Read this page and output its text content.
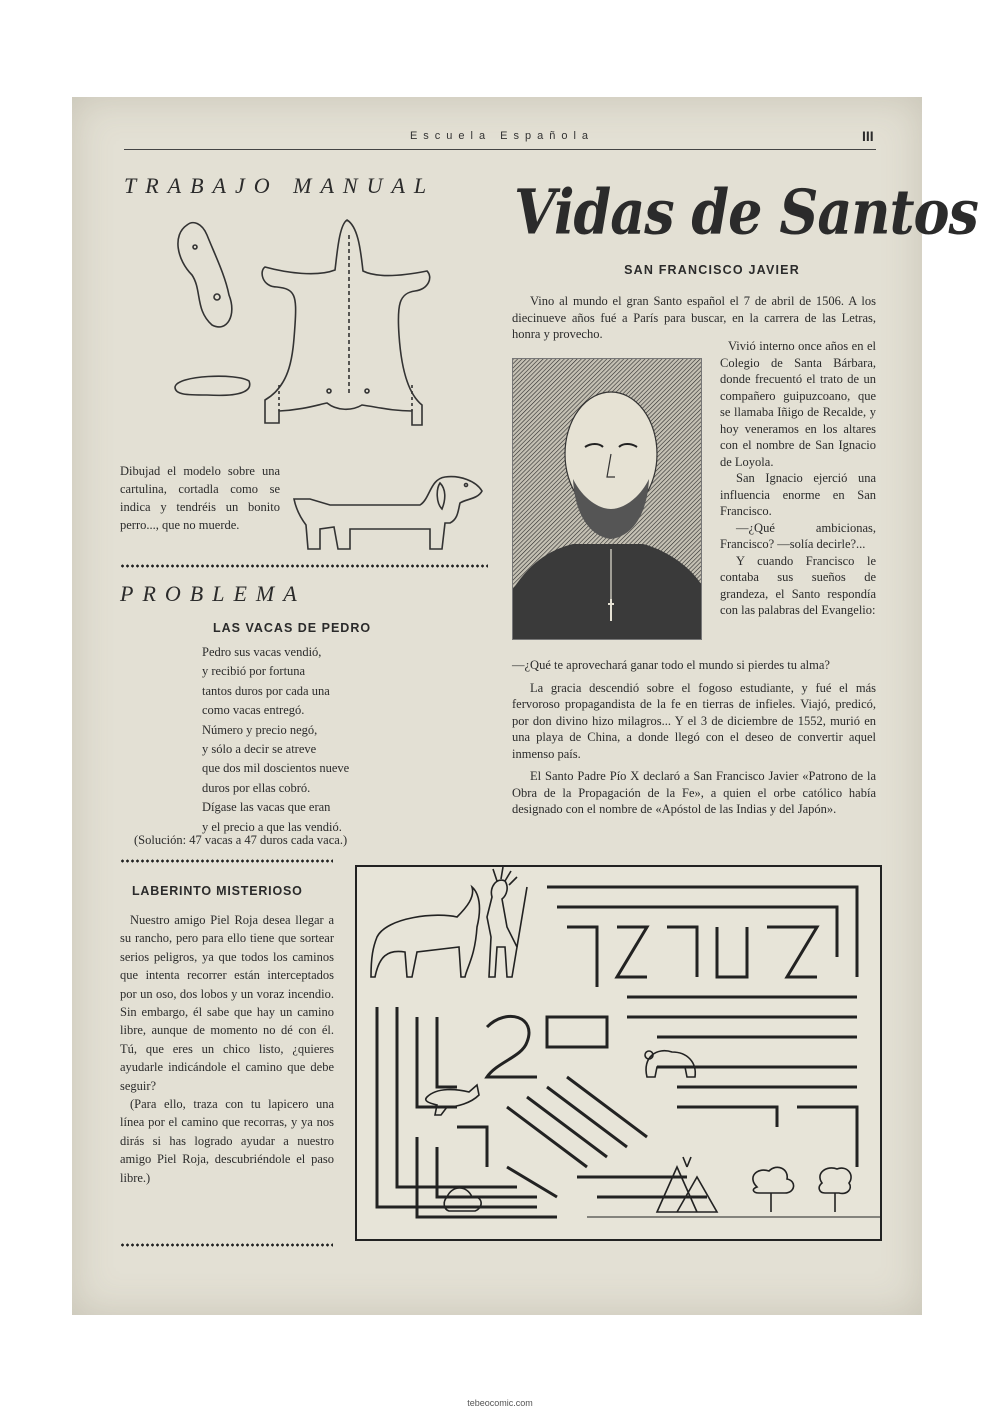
Escuela Española	III
TRABAJO MANUAL
Dibujad el modelo sobre una cartulina, cortadla como se indica y tendréis un bonito perro..., que no muerde.
PROBLEMA
LAS VACAS DE PEDRO
Pedro sus vacas vendió,
y recibió por fortuna
tantos duros por cada una
como vacas entregó.
Número y precio negó,
y sólo a decir se atreve
que dos mil doscientos nueve
duros por ellas cobró.
Dígase las vacas que eran
y el precio a que las vendió.
(Solución: 47 vacas a 47 duros cada vaca.)
LABERINTO MISTERIOSO

Nuestro amigo Piel Roja desea llegar a su rancho, pero para ello tiene que sortear serios peligros, ya que todos los caminos que intenta recorrer están interceptados por un oso, dos lobos y un voraz incendio. Sin embargo, él sabe que hay un camino libre, aunque de momento no dé con él. Tú, que eres un chico listo, ¿quieres ayudarle indicándole el camino que debe seguir?

(Para ello, traza con tu lapicero una línea por el camino que recorras, y ya nos dirás si has logrado ayudar a nuestro amigo Piel Roja, descubriéndole el paso libre.)

Vidas de Santos
SAN FRANCISCO JAVIER

Vino al mundo el gran Santo español el 7 de abril de 1506. A los diecinueve años fué a París para buscar, en la carrera de las Letras, honra y provecho.

Vivió interno once años en el Colegio de Santa Bárbara, donde frecuentó el trato de un compañero guipuzcoano, que se llamaba Iñigo de Recalde, y hoy veneramos en los altares con el nombre de San Ignacio de Loyola.

San Ignacio ejerció una influencia enorme en San Francisco.

—¿Qué ambicionas, Francisco? —solía decirle?...

Y cuando Francisco le contaba sus sueños de grandeza, el Santo respondía con las palabras del Evangelio:

—¿Qué te aprovechará ganar todo el mundo si pierdes tu alma?

La gracia descendió sobre el fogoso estudiante, y fué el más fervoroso propagandista de la fe en tierras de infieles. Viajó, predicó, por don divino hizo milagros... Y el 3 de diciembre de 1552, murió en una playa de China, a donde llegó con el deseo de convertir aquel inmenso país.

El Santo Padre Pío X declaró a San Francisco Javier «Patrono de la Obra de la Propagación de la Fe», a quien el orbe católico había designado con el nombre de «Apóstol de las Indias y del Japón».

tebeocomic.com
